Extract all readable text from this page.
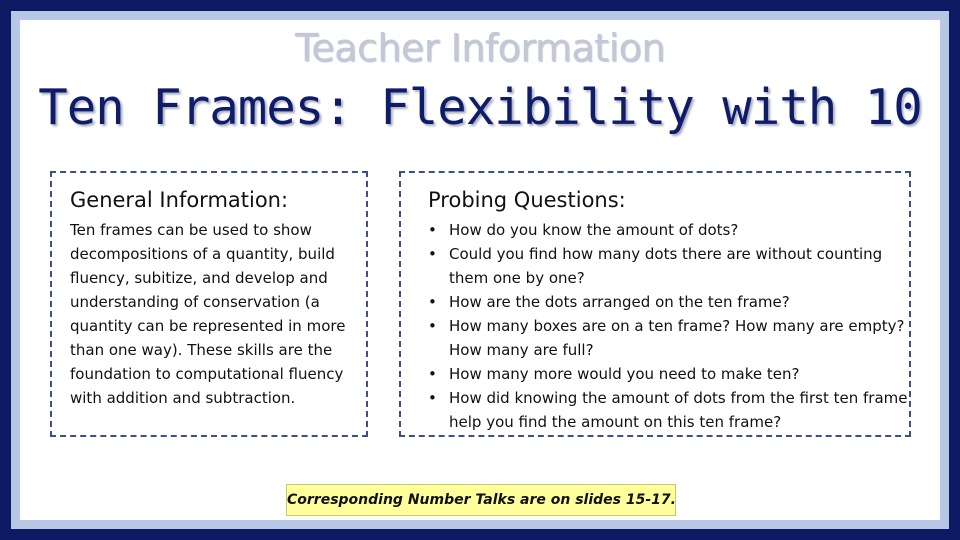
Teacher Information
Ten Frames: Flexibility with 10
General Information:
Ten frames can be used to show decompositions of a quantity, build fluency, subitize, and develop and understanding of conservation (a quantity can be represented in more than one way). These skills are the foundation to computational fluency with addition and subtraction.
Probing Questions:
• How do you know the amount of dots?
• Could you find how many dots there are without counting them one by one?
• How are the dots arranged on the ten frame?
• How many boxes are on a ten frame? How many are empty? How many are full?
• How many more would you need to make ten?
• How did knowing the amount of dots from the first ten frame help you find the amount on this ten frame?
Corresponding Number Talks are on slides 15-17.
